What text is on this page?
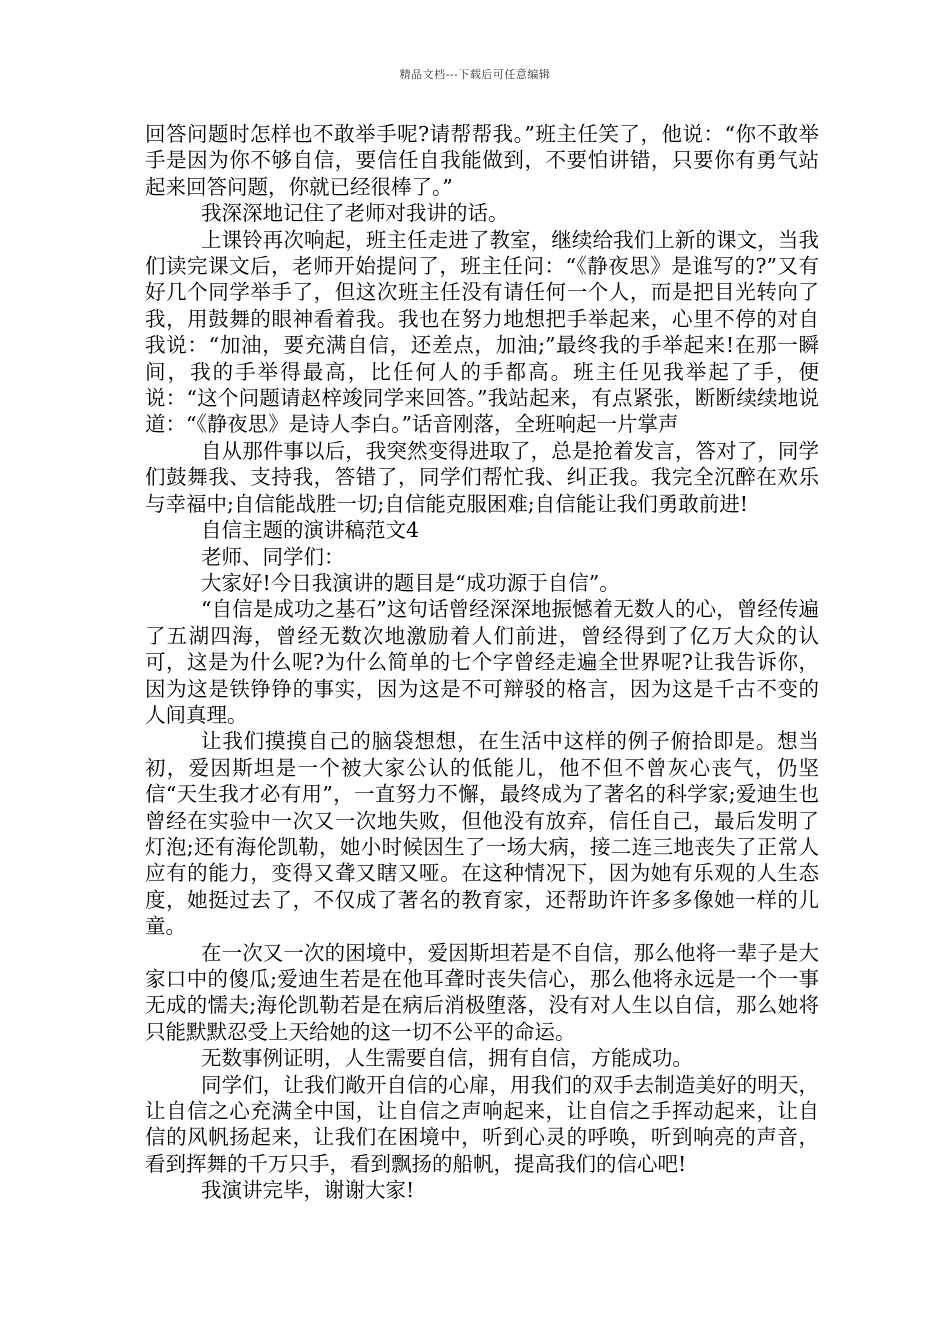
精品文档---下载后可任意编辑

回答问题时怎样也不敢举手呢?请帮帮我。”班主任笑了，他说：“你不敢举手是因为你不够自信，要信任自我能做到，不要怕讲错，只要你有勇气站起来回答问题，你就已经很棒了。”

我深深地记住了老师对我讲的话。

上课铃再次响起，班主任走进了教室，继续给我们上新的课文，当我们读完课文后，老师开始提问了，班主任问：“《静夜思》是谁写的?”又有好几个同学举手了，但这次班主任没有请任何一个人，而是把目光转向了我，用鼓舞的眼神看着我。我也在努力地想把手举起来，心里不停的对自我说：“加油，要充满自信，还差点，加油;”最终我的手举起来!在那一瞬间，我的手举得最高，比任何人的手都高。班主任见我举起了手，便说：“这个问题请赵梓竣同学来回答。”我站起来，有点紧张，断断续续地说道：“《静夜思》是诗人李白。”话音刚落，全班响起一片掌声

自从那件事以后，我突然变得进取了，总是抢着发言，答对了，同学们鼓舞我、支持我，答错了，同学们帮忙我、纠正我。我完全沉醉在欢乐与幸福中;自信能战胜一切;自信能克服困难;自信能让我们勇敢前进!

自信主题的演讲稿范文4

老师、同学们：

大家好!今日我演讲的题目是“成功源于自信”。

“自信是成功之基石”这句话曾经深深地振憾着无数人的心，曾经传遍了五湖四海，曾经无数次地激励着人们前进，曾经得到了亿万大众的认可，这是为什么呢?为什么简单的七个字曾经走遍全世界呢?让我告诉你，因为这是铁铮铮的事实，因为这是不可辩驳的格言，因为这是千古不变的人间真理。

让我们摸摸自己的脑袋想想，在生活中这样的例子俯拾即是。想当初，爱因斯坦是一个被大家公认的低能儿，他不但不曾灰心丧气，仍坚信“天生我才必有用”，一直努力不懈，最终成为了著名的科学家;爱迪生也曾经在实验中一次又一次地失败，但他没有放弃，信任自己，最后发明了灯泡;还有海伦凯勒，她小时候因生了一场大病，接二连三地丧失了正常人应有的能力，变得又聋又瞎又哑。在这种情况下，因为她有乐观的人生态度，她挺过去了，不仅成了著名的教育家，还帮助许许多多像她一样的儿童。

在一次又一次的困境中，爱因斯坦若是不自信，那么他将一辈子是大家口中的傻瓜;爱迪生若是在他耳聋时丧失信心，那么他将永远是一个一事无成的懦夫;海伦凯勒若是在病后消极堕落，没有对人生以自信，那么她将只能默默忍受上天给她的这一切不公平的命运。

无数事例证明，人生需要自信，拥有自信，方能成功。

同学们，让我们敞开自信的心扉，用我们的双手去制造美好的明天，让自信之心充满全中国，让自信之声响起来，让自信之手挥动起来，让自信的风帆扬起来，让我们在困境中，听到心灵的呼唤，听到响亮的声音，看到挥舞的千万只手，看到飘扬的船帆，提高我们的信心吧!

我演讲完毕，谢谢大家!
